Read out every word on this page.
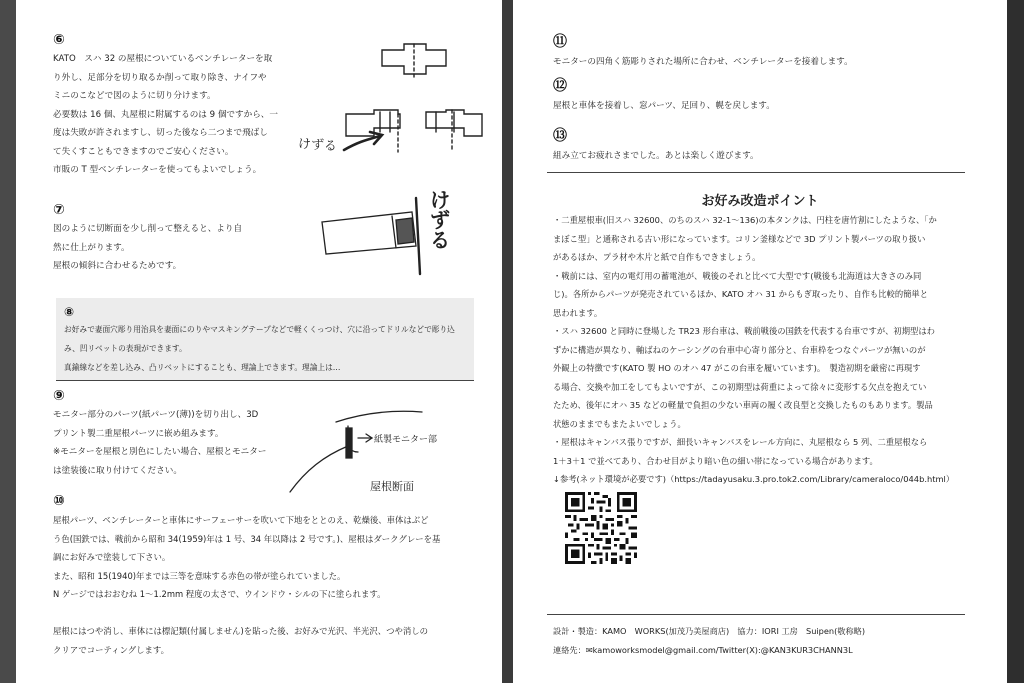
⑥
KATO　スハ 32 の屋根についているベンチレーターを取
り外し、足部分を切り取るか削って取り除き、ナイフや
ミニのこなどで図のように切り分けます。
必要数は 16 個、丸屋根に附属するのは 9 個ですから、一
度は失敗が許されますし、切った後なら二つまで飛ばし
て失くすこともできますのでご安心ください。
市販の T 型ベンチレーターを使ってもよいでしょう。
けずる
⑦
図のように切断面を少し削って整えると、より自
然に仕上がります。
屋根の傾斜に合わせるためです。
けずる
⑧
お好みで妻面穴彫り用治具を妻面にのりやマスキングテープなどで軽くくっつけ、穴に沿ってドリルなどで彫り込
み、凹リベットの表現ができます。
真鍮線などを差し込み、凸リベットにすることも、理論上できます。理論上は…
⑨
モニター部分のパーツ(紙パーツ(薄))を切り出し、3D
プリント製二重屋根パーツに嵌め組みます。
※モニターを屋根と別色にしたい場合、屋根とモニター
は塗装後に取り付けてください。
紙製モニター部
屋根断面
⑩
屋根パーツ、ベンチレーターと車体にサーフェーサーを吹いて下地をととのえ、乾燥後、車体はぶど
う色(国鉄では、戦前から昭和 34(1959)年は 1 号、34 年以降は 2 号です。)、屋根はダークグレーを基
調にお好みで塗装して下さい。
また、昭和 15(1940)年までは三等を意味する赤色の帯が塗られていました。
N ゲージではおおむね 1〜1.2mm 程度の太さで、ウインドウ・シルの下に塗られます。
屋根にはつや消し、車体には標記類(付属しません)を貼った後、お好みで光沢、半光沢、つや消しの
クリアでコーティングします。
⑪
モニターの四角く筋彫りされた場所に合わせ、ベンチレーターを接着します。
⑫
屋根と車体を接着し、窓パーツ、足回り、幌を戻します。
⑬
組み立てお疲れさまでした。あとは楽しく遊びます。
お好み改造ポイント
・二重屋根車(旧スハ 32600、のちのスハ 32-1〜136)の本タンクは、円柱を唐竹割にしたような、「か
まぼこ型」と通称される古い形になっています。コリン釜様などで 3D プリント製パーツの取り扱い
があるほか、プラ材や木片と紙で自作もできましょう。
・戦前には、室内の電灯用の蓄電池が、戦後のそれと比べて大型です(戦後も北海道は大きさのみ同
じ)。各所からパーツが発売されているほか、KATO オハ 31 からもぎ取ったり、自作も比較的簡単と
思われます。
・スハ 32600 と同時に登場した TR23 形台車は、戦前戦後の国鉄を代表する台車ですが、初期型はわ
ずかに構造が異なり、軸ばねのケーシングの台車中心寄り部分と、台車枠をつなぐパーツが無いのが
外観上の特徴です(KATO 製 HO のオハ 47 がこの台車を履いています)。　製造初期を厳密に再現す
る場合、交換や加工をしてもよいですが、この初期型は荷重によって徐々に変形する欠点を抱えてい
たため、後年にオハ 35 などの軽量で負担の少ない車両の履く改良型と交換したものもあります。製品
状態のままでもまたよいでしょう。
・屋根はキャンバス張りですが、細長いキャンバスをレール方向に、丸屋根なら 5 列、二重屋根なら
1＋3＋1 で並べてあり、合わせ目がより暗い色の細い帯になっている場合があります。
↓参考(ネット環境が必要です)（https://tadayusaku.3.pro.tok2.com/Library/cameraloco/044b.html）
設計・製造：KAMO　WORKS(加茂乃美屋商店)　協力：IORI 工房　Suipen(敬称略)
連絡先：✉kamoworksmodel@gmail.com/Twitter(X):@KAN3KUR3CHANN3L
